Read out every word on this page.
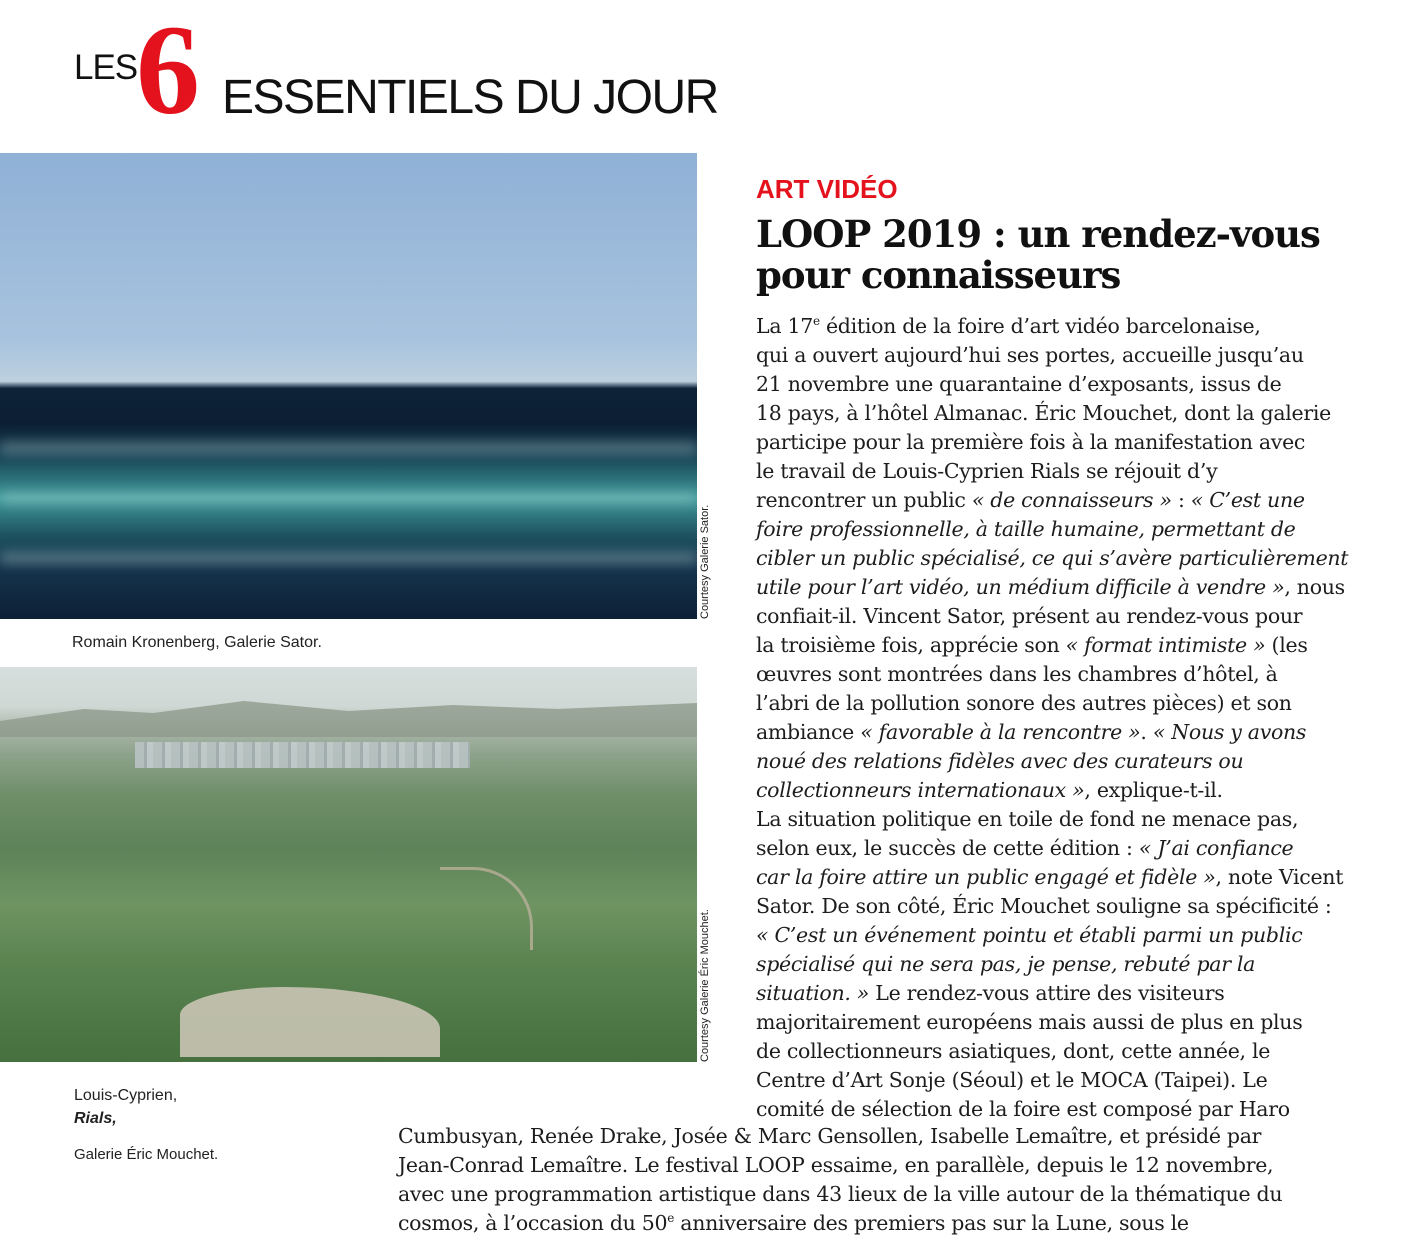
LES
6 ESSENTIELS DU JOUR
Courtesy Galerie Sator.
Romain Kronenberg, Galerie Sator.
Courtesy Galerie Éric Mouchet.
Louis-Cyprien,
Rials,
Galerie Éric Mouchet.
ART VIDÉO
LOOP 2019 : un rendez-vous
pour connaisseurs
La 17e édition de la foire d’art vidéo barcelonaise,
qui a ouvert aujourd’hui ses portes, accueille jusqu’au
21 novembre une quarantaine d’exposants, issus de
18 pays, à l’hôtel Almanac. Éric Mouchet, dont la galerie
participe pour la première fois à la manifestation avec
le travail de Louis-Cyprien Rials se réjouit d’y
rencontrer un public « de connaisseurs » : « C’est une
foire professionnelle, à taille humaine, permettant de
cibler un public spécialisé, ce qui s’avère particulièrement
utile pour l’art vidéo, un médium difficile à vendre », nous
confiait-il. Vincent Sator, présent au rendez-vous pour
la troisième fois, apprécie son « format intimiste » (les
œuvres sont montrées dans les chambres d’hôtel, à
l’abri de la pollution sonore des autres pièces) et son
ambiance « favorable à la rencontre ». « Nous y avons
noué des relations fidèles avec des curateurs ou
collectionneurs internationaux », explique-t-il.
La situation politique en toile de fond ne menace pas,
selon eux, le succès de cette édition : « J’ai confiance
car la foire attire un public engagé et fidèle », note Vicent
Sator. De son côté, Éric Mouchet souligne sa spécificité :
« C’est un événement pointu et établi parmi un public
spécialisé qui ne sera pas, je pense, rebuté par la
situation. » Le rendez-vous attire des visiteurs
majoritairement européens mais aussi de plus en plus
de collectionneurs asiatiques, dont, cette année, le
Centre d’Art Sonje (Séoul) et le MOCA (Taipei). Le
comité de sélection de la foire est composé par Haro
Cumbusyan, Renée Drake, Josée & Marc Gensollen, Isabelle Lemaître, et présidé par
Jean-Conrad Lemaître. Le festival LOOP essaime, en parallèle, depuis le 12 novembre,
avec une programmation artistique dans 43 lieux de la ville autour de la thématique du
cosmos, à l’occasion du 50e anniversaire des premiers pas sur la Lune, sous le
